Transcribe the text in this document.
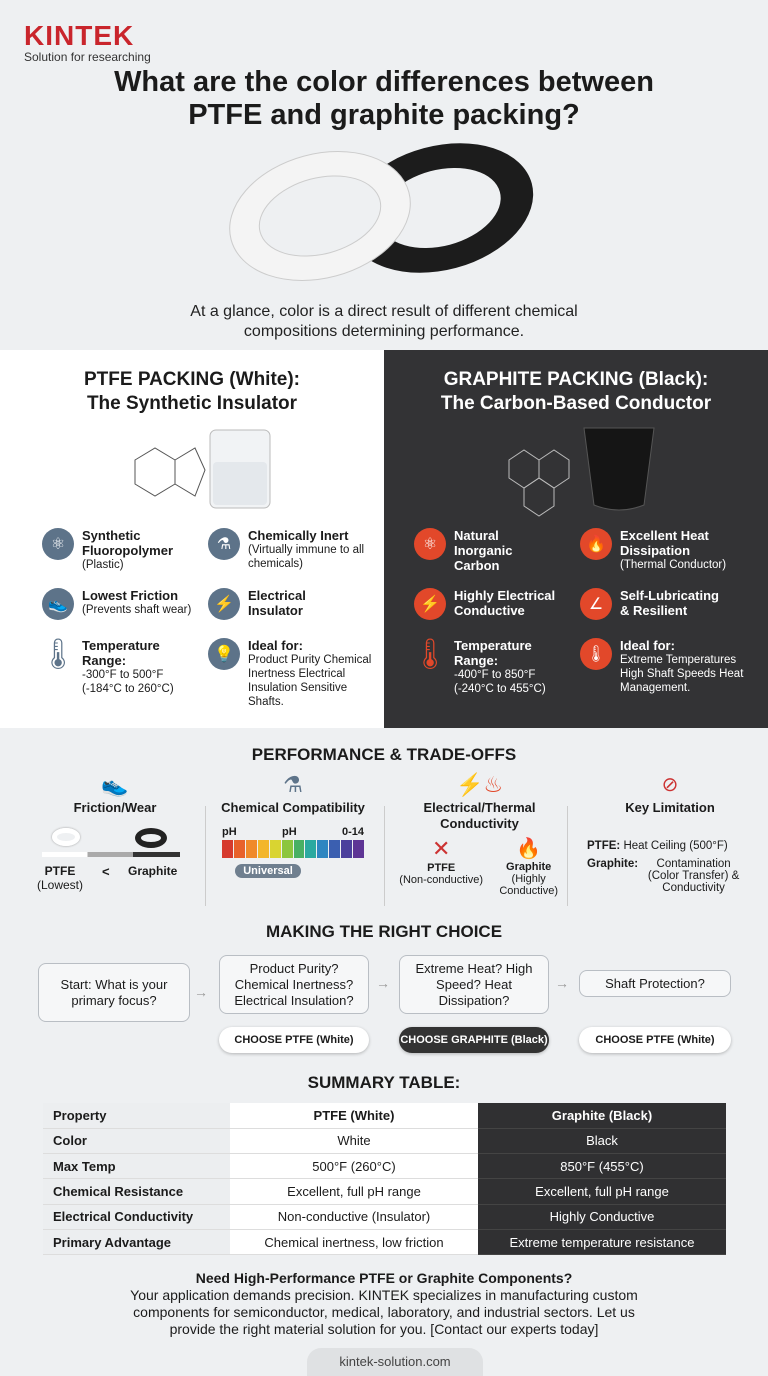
KINTEK
Solution for researching
What are the color differences between PTFE and graphite packing?
At a glance, color is a direct result of different chemical compositions determining performance.
PTFE PACKING (White):
The Synthetic Insulator
⚛
Synthetic Fluoropolymer
(Plastic)
⚗
Chemically Inert
(Virtually immune to all chemicals)
👟
Lowest Friction
(Prevents shaft wear)	⚡
Electrical Insulator
🌡 Temperature Range:
-300°F to 500°F (-184°C to 260°C)
💡
Ideal for:
Product Purity Chemical Inertness Electrical Insulation Sensitive Shafts.
GRAPHITE PACKING (Black):
The Carbon-Based Conductor
⚛
Natural Inorganic Carbon
🔥
Excellent Heat Dissipation
(Thermal Conductor)
⚡
Highly Electrical Conductive	∠
Self-Lubricating & Resilient
🌡 Temperature Range:
-400°F to 850°F (-240°C to 455°C)
🌡
Ideal for:
Extreme Temperatures High Shaft Speeds Heat Management.
PERFORMANCE & TRADE-OFFS
👟
Friction/Wear
PTFE
(Lowest)
< Graphite
⚗
Chemical Compatibility
pH	pH	0-14
Universal
⚡♨
Electrical/Thermal Conductivity
✕
PTFE
(Non-conductive)
🔥
Graphite
(Highly Conductive)
⊘
Key Limitation
PTFE: Heat Ceiling (500°F)
Graphite:	Contamination (Color Transfer) & Conductivity
MAKING THE RIGHT CHOICE
Start: What is your primary focus?	→
Product Purity? Chemical Inertness? Electrical Insulation?
→
Extreme Heat? High Speed? Heat Dissipation?
→	Shaft Protection?
CHOOSE PTFE (White)	CHOOSE GRAPHITE (Black)	CHOOSE PTFE (White)
SUMMARY TABLE:
Property	PTFE (White)	Graphite (Black)
Color	White	Black
Max Temp	500°F (260°C)	850°F (455°C)
Chemical Resistance	Excellent, full pH range	Excellent, full pH range
Electrical Conductivity	Non-conductive (Insulator)	Highly Conductive
Primary Advantage	Chemical inertness, low friction	Extreme temperature resistance
Need High-Performance PTFE or Graphite Components?
Your application demands precision. KINTEK specializes in manufacturing custom components for semiconductor, medical, laboratory, and industrial sectors. Let us provide the right material solution for you. [Contact our experts today]
kintek-solution.com
